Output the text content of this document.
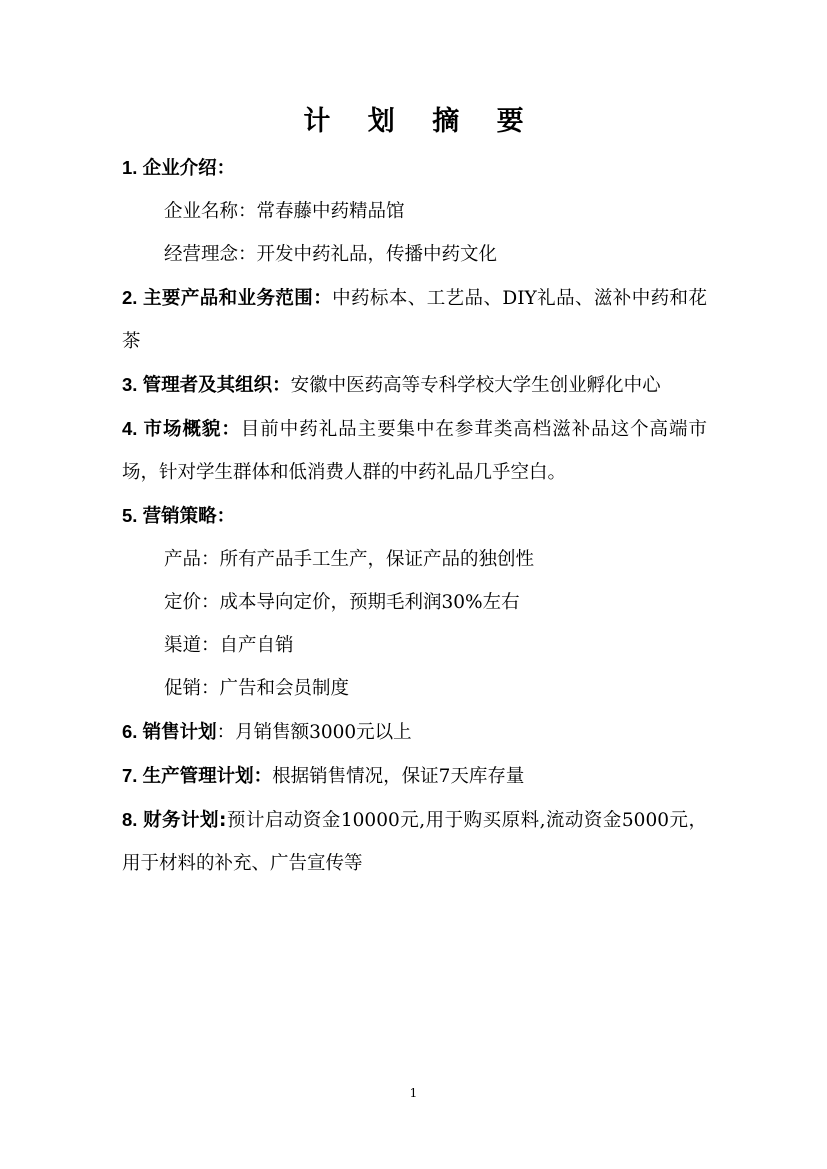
计 划 摘 要

1. 企业介绍：

企业名称：常春藤中药精品馆

经营理念：开发中药礼品，传播中药文化

2. 主要产品和业务范围：中药标本、工艺品、DIY礼品、滋补中药和花茶

3. 管理者及其组织：安徽中医药高等专科学校大学生创业孵化中心

4. 市场概貌：目前中药礼品主要集中在参茸类高档滋补品这个高端市场，针对学生群体和低消费人群的中药礼品几乎空白。

5. 营销策略：

产品：所有产品手工生产，保证产品的独创性

定价：成本导向定价，预期毛利润30%左右

渠道：自产自销

促销：广告和会员制度

6. 销售计划：月销售额3000元以上

7. 生产管理计划：根据销售情况，保证7天库存量

8. 财务计划:预计启动资金10000元,用于购买原料,流动资金5000元，用于材料的补充、广告宣传等

1
